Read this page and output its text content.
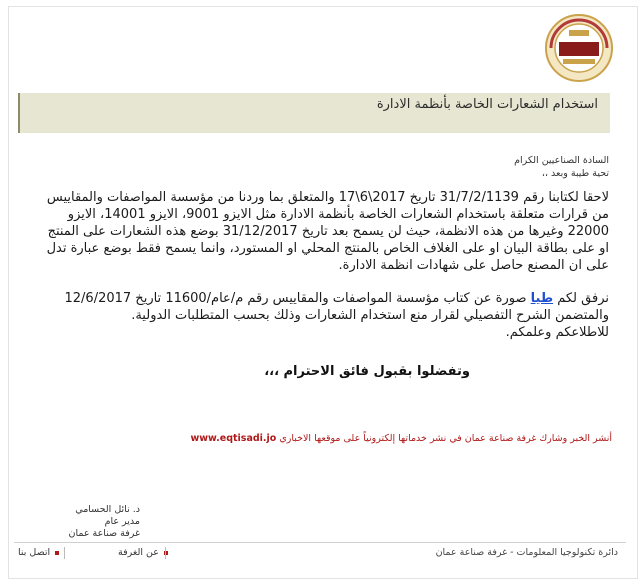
استخدام الشعارات الخاصة بأنظمة الادارة
السادة الصناعيين الكرام
تحية طيبة وبعد ،،
لاحقا لكتابنا رقم 31/7/2/1139 تاريخ 2017\6\17 والمتعلق بما وردنا من مؤسسة المواصفات والمقاييس من قرارات متعلقة باستخدام الشعارات الخاصة بأنظمة الادارة مثل الايزو 9001، الايزو 14001، الايزو 22000 وغيرها من هذه الانظمة، حيث لن يسمح بعد تاريخ 31/12/2017 بوضع هذه الشعارات على المنتج او على بطاقة البيان او على الغلاف الخاص بالمنتج المحلي او المستورد، وانما يسمح فقط بوضع عبارة تدل على ان المصنع حاصل على شهادات انظمة الادارة.
نرفق لكم طيا صورة عن كتاب مؤسسة المواصفات والمقاييس رقم م/عام/11600 تاريخ 12/6/2017 والمتضمن الشرح التفصيلي لقرار منع استخدام الشعارات وذلك بحسب المتطلبات الدولية.
للاطلاعكم وعلمكم.
وتفضلوا بقبول فائق الاحترام ،،،
أنشر الخبر وشارك غرفة صناعة عمان في نشر خدماتها إلكترونياً على موقعها الاخباري www.eqtisadi.jo
د. نائل الحسامي
مدير عام
غرفة صناعة عمان
دائرة تكنولوجيا المعلومات - غرفة صناعة عمان
عن الغرفة
اتصل بنا
